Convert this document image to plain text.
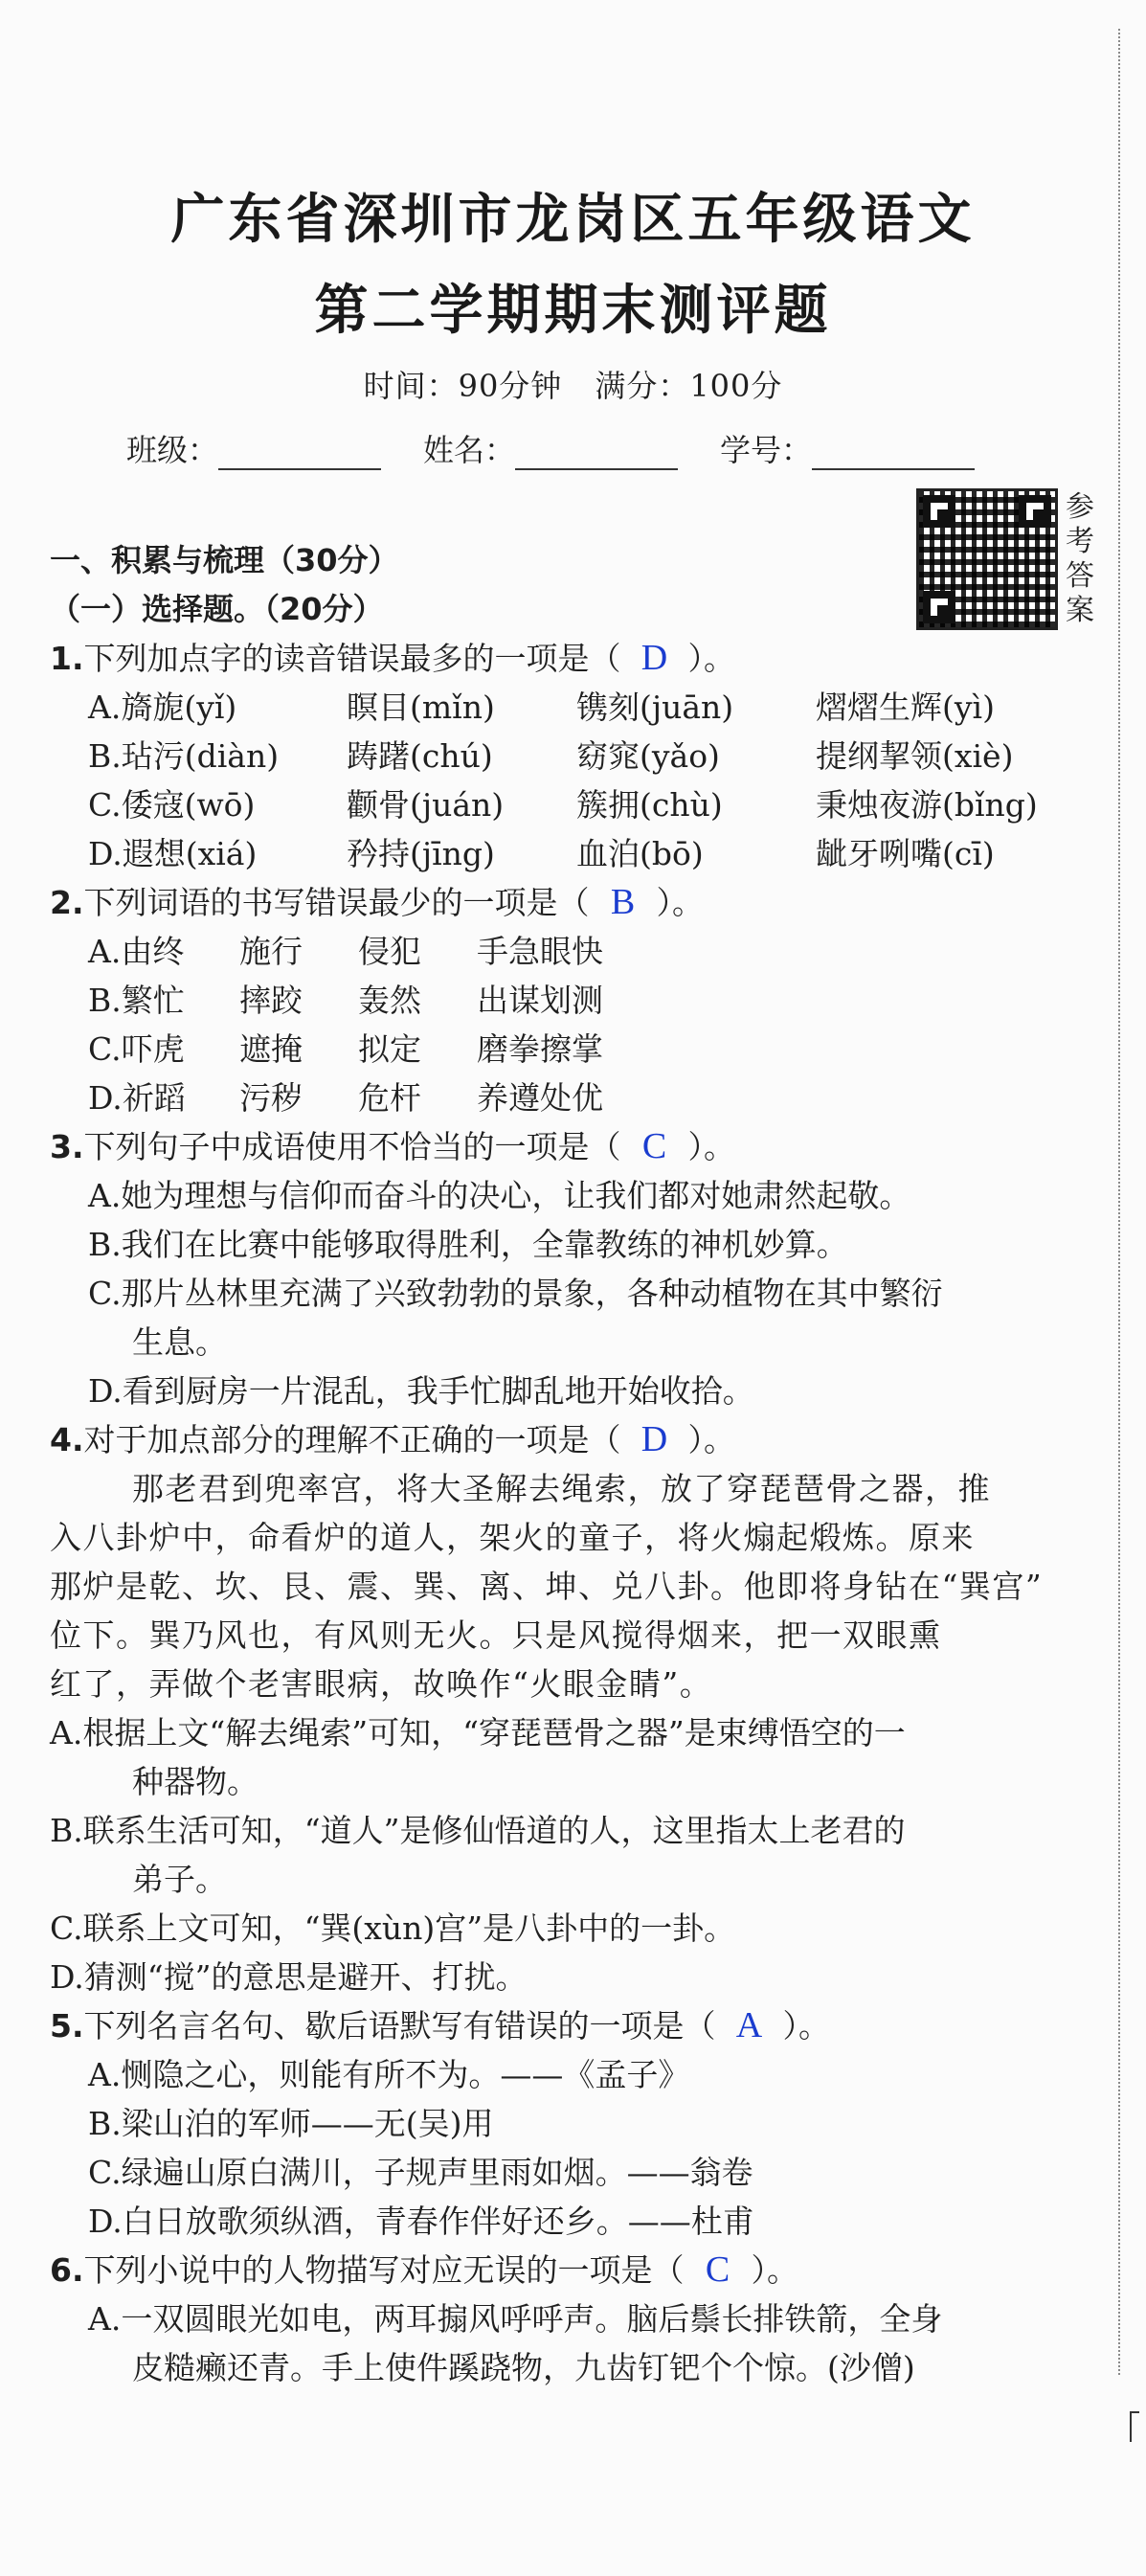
广东省深圳市龙岗区五年级语文
第二学期期末测评题
时间：90分钟 满分：100分
班级：	姓名：	学号：
参
考
答
案
一、积累与梳理（30分）
（一）选择题。（20分）
1.下列加点字的读音错误最多的一项是（ D ）。
A.旖旎(yǐ)	瞑目(mǐn)	镌刻(juān)	熠熠生辉(yì)
B.玷污(diàn) 踌躇(chú)	窈窕(yǎo)	提纲挈领(xiè)
C.倭寇(wō)	颧骨(juán) 簇拥(chù)	秉烛夜游(bǐng)
D.遐想(xiá)	矜持(jīng)	血泊(bō)	龇牙咧嘴(cī)
2.下列词语的书写错误最少的一项是（ B ）。
A.由终 施行 侵犯 手急眼快
B.繁忙 摔跤 轰然 出谋划测
C.吓虎 遮掩 拟定 磨拳擦掌
D.祈蹈 污秽 危杆 养遵处优
3.下列句子中成语使用不恰当的一项是（ C ）。
A.她为理想与信仰而奋斗的决心，让我们都对她肃然起敬。
B.我们在比赛中能够取得胜利，全靠教练的神机妙算。
C.那片丛林里充满了兴致勃勃的景象，各种动植物在其中繁衍
生息。
D.看到厨房一片混乱，我手忙脚乱地开始收拾。
4.对于加点部分的理解不正确的一项是（ D ）。
那老君到兜率宫，将大圣解去绳索，放了穿琵琶骨之器，推
入八卦炉中，命看炉的道人，架火的童子，将火煽起煅炼。原来
那炉是乾、坎、艮、震、巽、离、坤、兑八卦。他即将身钻在“巽宫”
位下。巽乃风也，有风则无火。只是风搅得烟来，把一双眼熏
红了，弄做个老害眼病，故唤作“火眼金睛”。
A.根据上文“解去绳索”可知，“穿琵琶骨之器”是束缚悟空的一
种器物。
B.联系生活可知，“道人”是修仙悟道的人，这里指太上老君的
弟子。
C.联系上文可知，“巽(xùn)宫”是八卦中的一卦。
D.猜测“搅”的意思是避开、打扰。
5.下列名言名句、歇后语默写有错误的一项是（ A ）。
A.恻隐之心，则能有所不为。——《孟子》
B.梁山泊的军师——无(吴)用
C.绿遍山原白满川，子规声里雨如烟。——翁卷
D.白日放歌须纵酒，青春作伴好还乡。——杜甫
6.下列小说中的人物描写对应无误的一项是（ C ）。
A.一双圆眼光如电，两耳搧风呼呼声。脑后鬃长排铁箭，全身
皮糙癞还青。手上使件蹊跷物，九齿钉钯个个惊。(沙僧)
